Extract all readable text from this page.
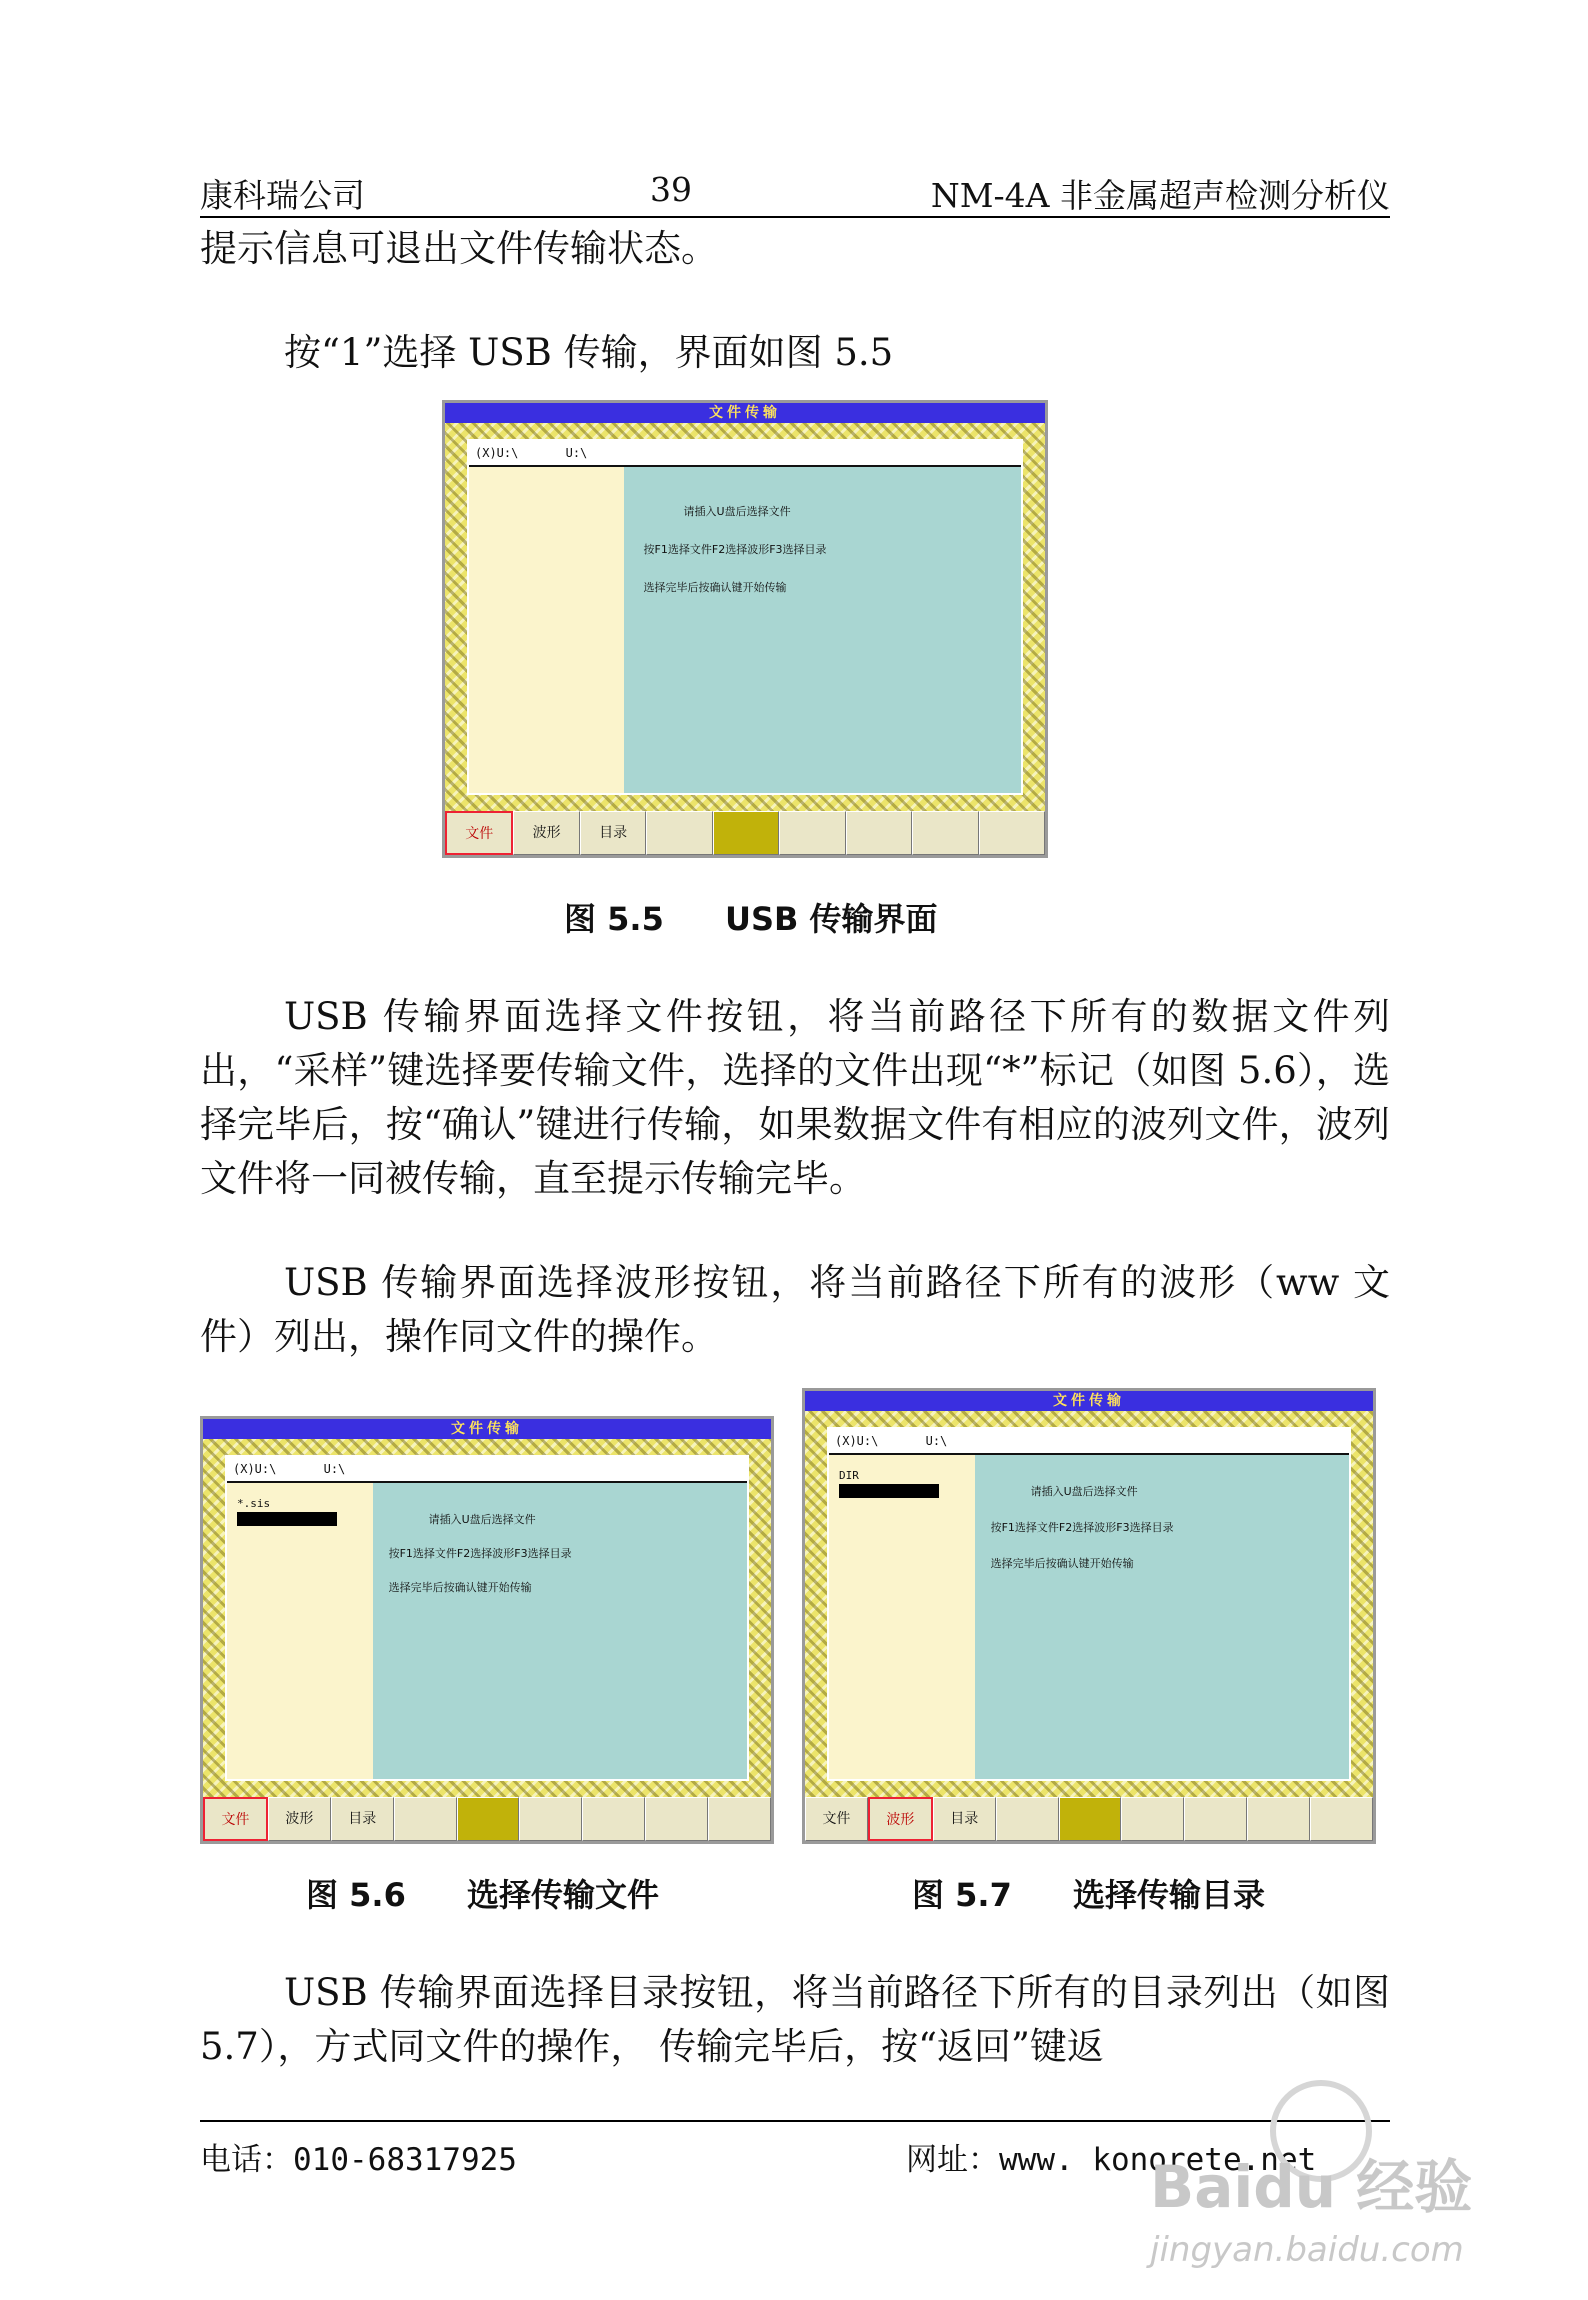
康科瑞公司	39	NM-4A 非金属超声检测分析仪

提示信息可退出文件传输状态。

按“1”选择 USB 传输，界面如图 5.5

文件传输
(X)U:\	U:\
请插入U盘后选择文件
按F1选择文件F2选择波形F3选择目录
选择完毕后按确认键开始传输
文件	波形	目录
图 5.5 USB 传输界面

USB 传输界面选择文件按钮，将当前路径下所有的数据文件列出，“采样”键选择要传输文件，选择的文件出现“*”标记（如图 5.6），选择完毕后，按“确认”键进行传输，如果数据文件有相应的波列文件，波列文件将一同被传输，直至提示传输完毕。

USB 传输界面选择波形按钮，将当前路径下所有的波形（ww 文件）列出，操作同文件的操作。

文件传输
(X)U:\	U:\
*.sis
请插入U盘后选择文件
按F1选择文件F2选择波形F3选择目录
选择完毕后按确认键开始传输
文件	波形	目录
图 5.6 选择传输文件
文件传输
(X)U:\	U:\
DIR
请插入U盘后选择文件
按F1选择文件F2选择波形F3选择目录
选择完毕后按确认键开始传输
文件	波形	目录
图 5.7 选择传输目录

USB 传输界面选择目录按钮，将当前路径下所有的目录列出（如图 5.7），方式同文件的操作， 传输完毕后，按“返回”键返

电话：010-68317925	网址：www. konorete.net
Baidu 经验
jingyan.baidu.com
